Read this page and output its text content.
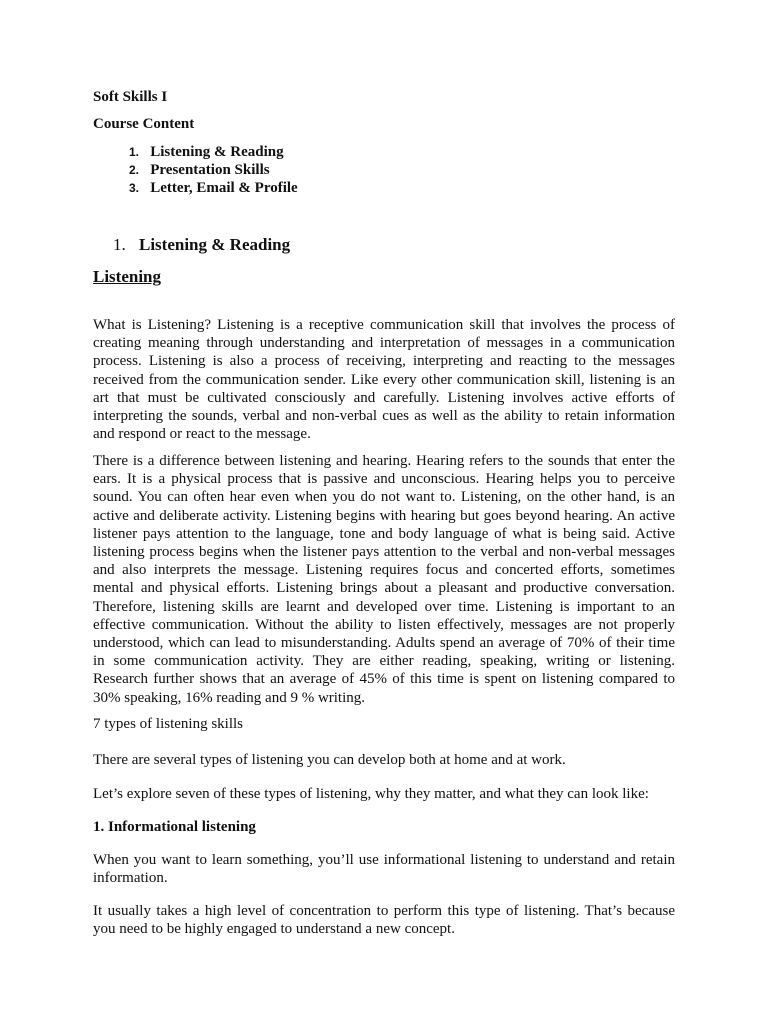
Soft Skills I
Course Content
1. Listening & Reading
2. Presentation Skills
3. Letter, Email & Profile
1. Listening & Reading
Listening

What is Listening? Listening is a receptive communication skill that involves the process of creating meaning through understanding and interpretation of messages in a communication process. Listening is also a process of receiving, interpreting and reacting to the messages received from the communication sender. Like every other communication skill, listening is an art that must be cultivated consciously and carefully. Listening involves active efforts of interpreting the sounds, verbal and non-verbal cues as well as the ability to retain information and respond or react to the message.

There is a difference between listening and hearing. Hearing refers to the sounds that enter the ears. It is a physical process that is passive and unconscious. Hearing helps you to perceive sound. You can often hear even when you do not want to. Listening, on the other hand, is an active and deliberate activity. Listening begins with hearing but goes beyond hearing. An active listener pays attention to the language, tone and body language of what is being said. Active listening process begins when the listener pays attention to the verbal and non-verbal messages and also interprets the message. Listening requires focus and concerted efforts, sometimes mental and physical efforts. Listening brings about a pleasant and productive conversation. Therefore, listening skills are learnt and developed over time. Listening is important to an effective communication. Without the ability to listen effectively, messages are not properly understood, which can lead to misunderstanding. Adults spend an average of 70% of their time in some communication activity. They are either reading, speaking, writing or listening. Research further shows that an average of 45% of this time is spent on listening compared to 30% speaking, 16% reading and 9 % writing.

7 types of listening skills

There are several types of listening you can develop both at home and at work.

Let’s explore seven of these types of listening, why they matter, and what they can look like:

1. Informational listening

When you want to learn something, you’ll use informational listening to understand and retain information.

It usually takes a high level of concentration to perform this type of listening. That’s because you need to be highly engaged to understand a new concept.
